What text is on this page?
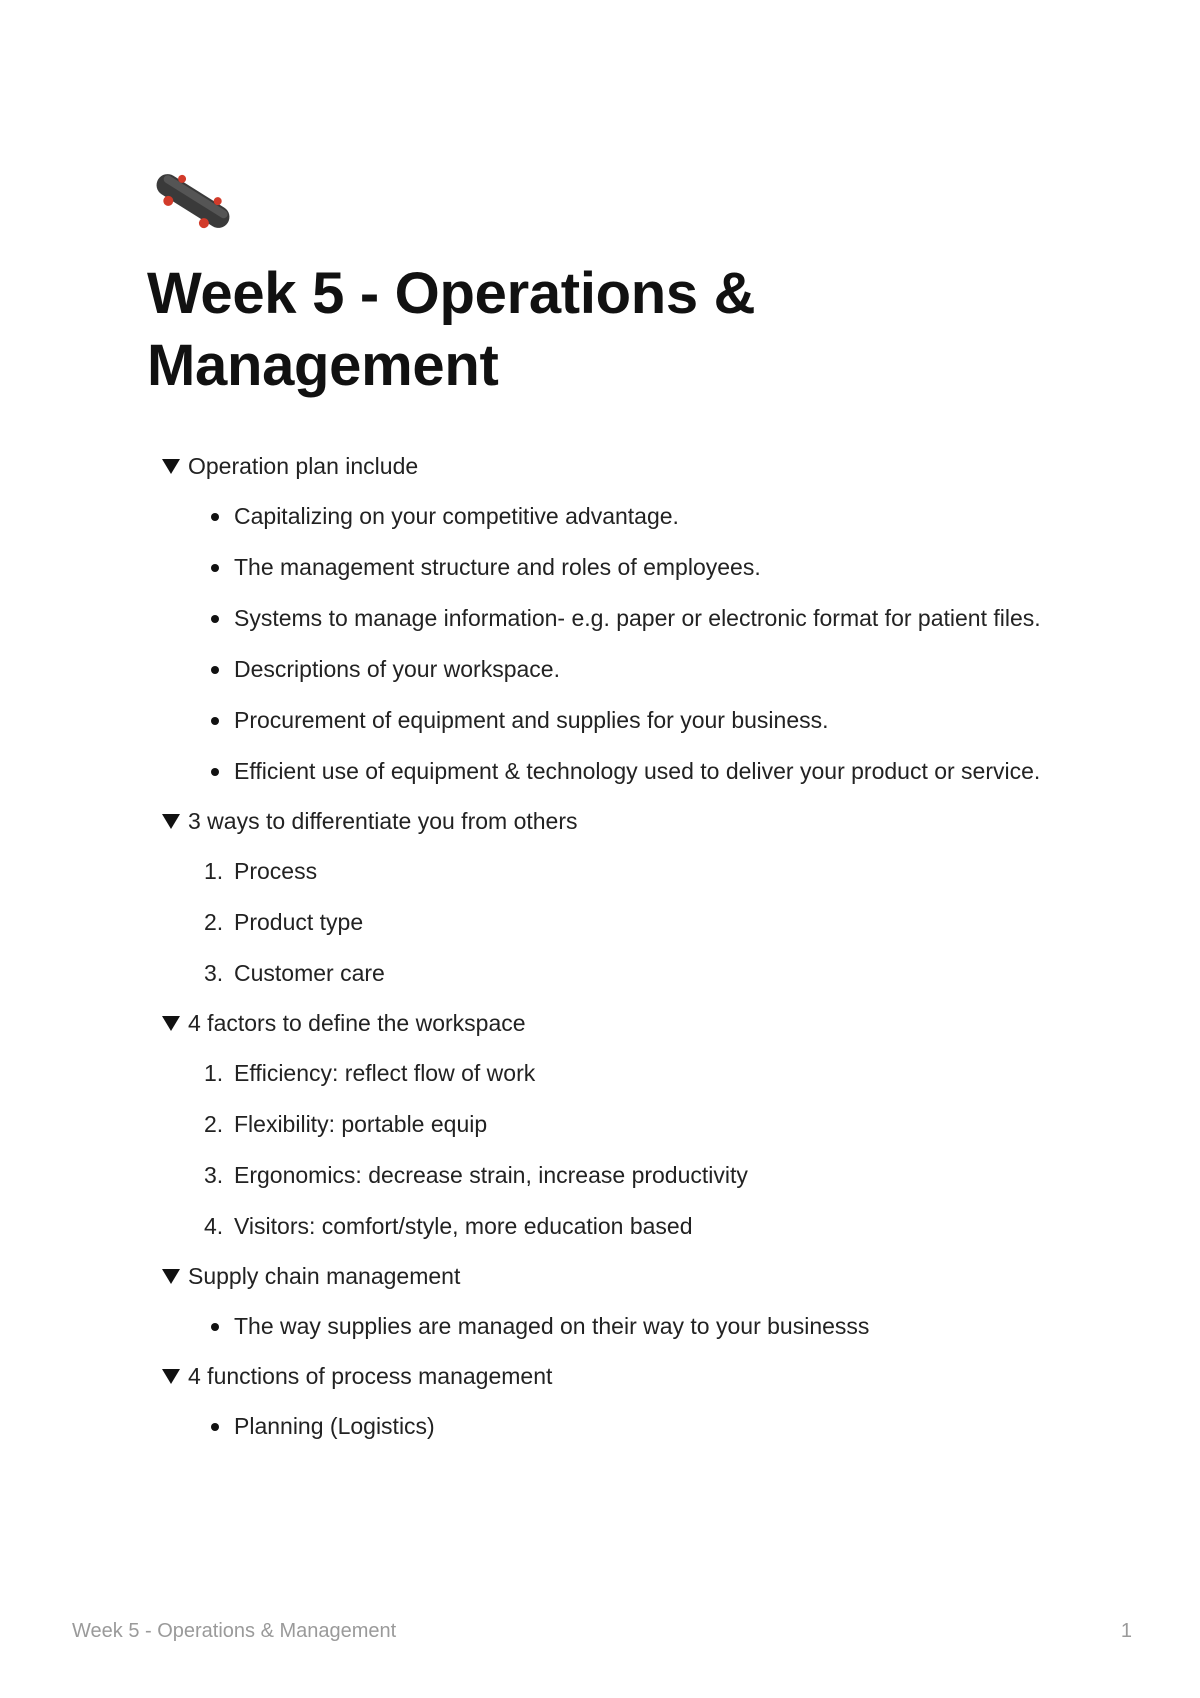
Week 5 - Operations & Management
Operation plan include
Capitalizing on your competitive advantage.
The management structure and roles of employees.
Systems to manage information- e.g. paper or electronic format for patient files.
Descriptions of your workspace.
Procurement of equipment and supplies for your business.
Efficient use of equipment & technology used to deliver your product or service.
3 ways to differentiate you from others
1. Process
2. Product type
3. Customer care
4 factors to define the workspace
1. Efficiency: reflect flow of work
2. Flexibility: portable equip
3. Ergonomics: decrease strain, increase productivity
4. Visitors: comfort/style, more education based
Supply chain management
The way supplies are managed on their way to your businesss
4 functions of process management
Planning (Logistics)
Week 5 - Operations & Management	1
